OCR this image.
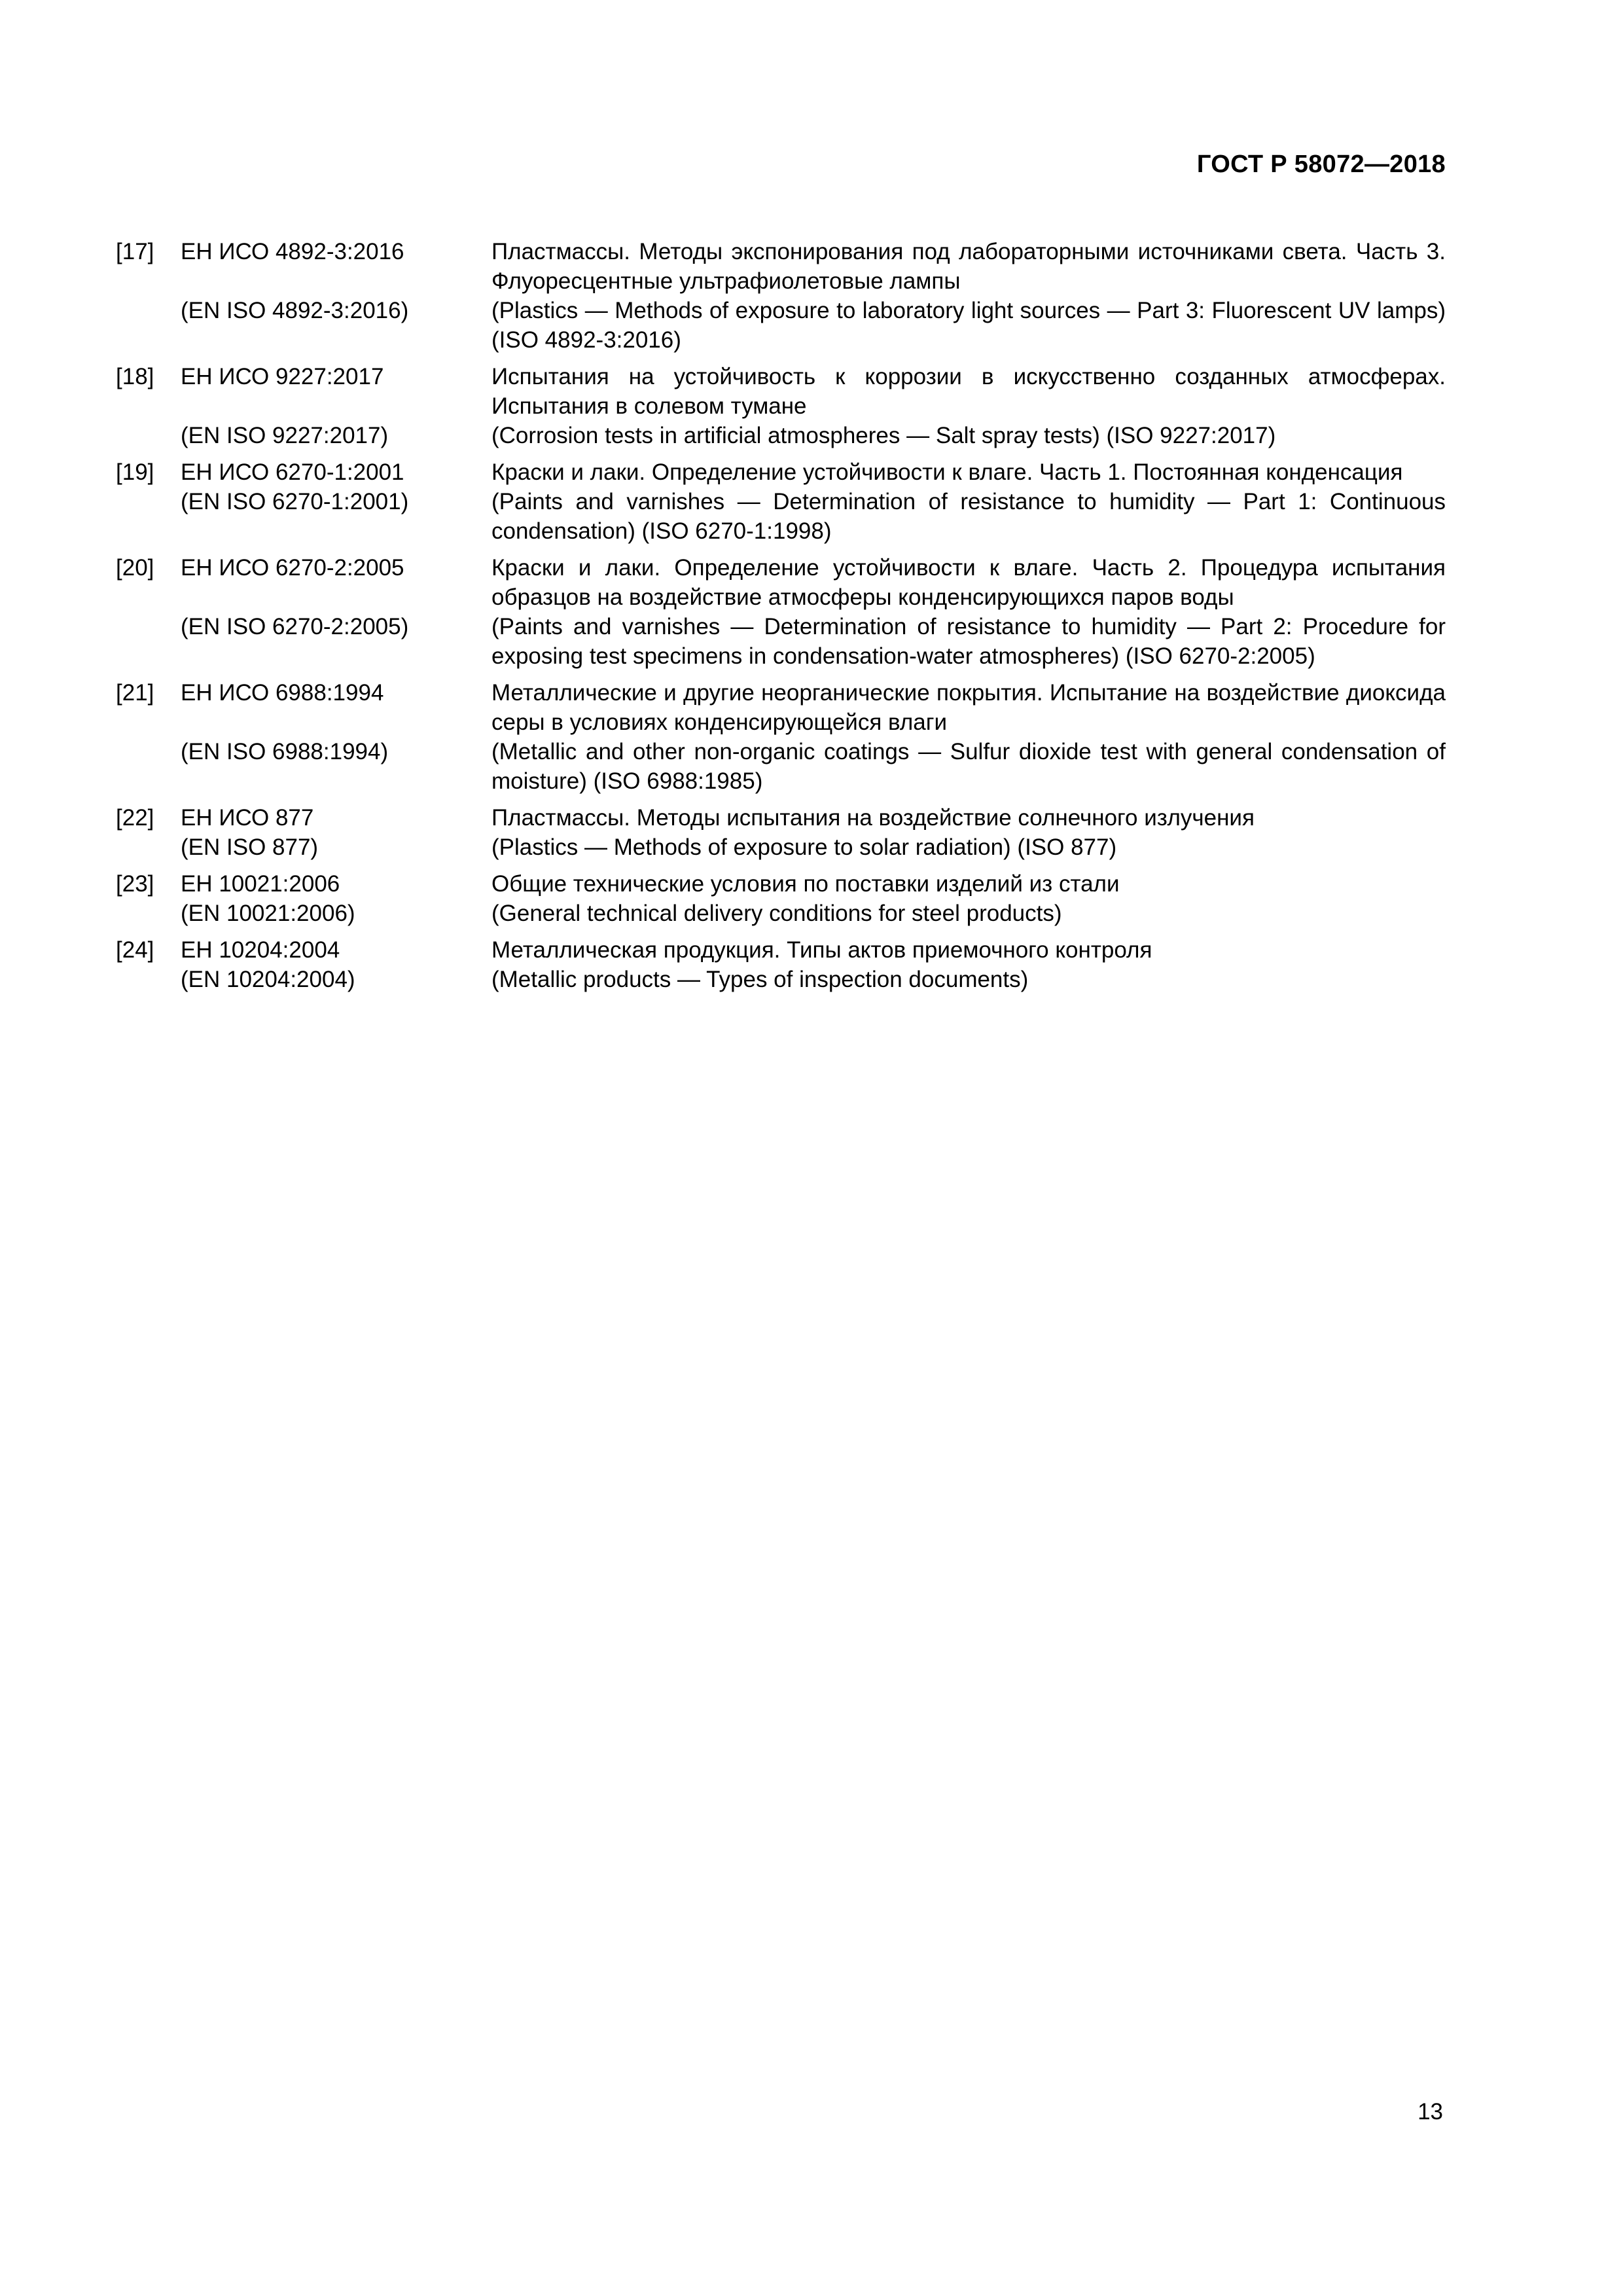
ГОСТ Р 58072—2018
[17]	ЕН ИСО 4892-3:2016	Пластмассы. Методы экспонирования под лабораторными источниками света. Часть 3. Флуоресцентные ультрафиолетовые лампы
(EN ISO 4892-3:2016)	(Plastics — Methods of exposure to laboratory light sources — Part 3: Fluorescent UV lamps) (ISO 4892-3:2016)
[18]	ЕН ИСО 9227:2017	Испытания на устойчивость к коррозии в искусственно созданных атмосферах. Испытания в солевом тумане
(EN ISO 9227:2017)	(Corrosion tests in artificial atmospheres — Salt spray tests) (ISO 9227:2017)
[19]	ЕН ИСО 6270-1:2001	Краски и лаки. Определение устойчивости к влаге. Часть 1. Постоянная конденсация
(EN ISO 6270-1:2001)	(Paints and varnishes — Determination of resistance to humidity — Part 1: Continuous condensation) (ISO 6270-1:1998)
[20]	ЕН ИСО 6270-2:2005	Краски и лаки. Определение устойчивости к влаге. Часть 2. Процедура испытания образцов на воздействие атмосферы конденсирующихся паров воды
(EN ISO 6270-2:2005)	(Paints and varnishes — Determination of resistance to humidity — Part 2: Procedure for exposing test specimens in condensation-water atmospheres) (ISO 6270-2:2005)
[21]	ЕН ИСО 6988:1994	Металлические и другие неорганические покрытия. Испытание на воздействие диоксида серы в условиях конденсирующейся влаги
(EN ISO 6988:1994)	(Metallic and other non-organic coatings — Sulfur dioxide test with general condensation of moisture) (ISO 6988:1985)
[22]	ЕН ИСО 877	Пластмассы. Методы испытания на воздействие солнечного излучения
(EN ISO 877)	(Plastics — Methods of exposure to solar radiation) (ISO 877)
[23]	ЕН 10021:2006	Общие технические условия по поставки изделий из стали
(EN 10021:2006)	(General technical delivery conditions for steel products)
[24]	ЕН 10204:2004	Металлическая продукция. Типы актов приемочного контроля
(EN 10204:2004)	(Metallic products — Types of inspection documents)
13
